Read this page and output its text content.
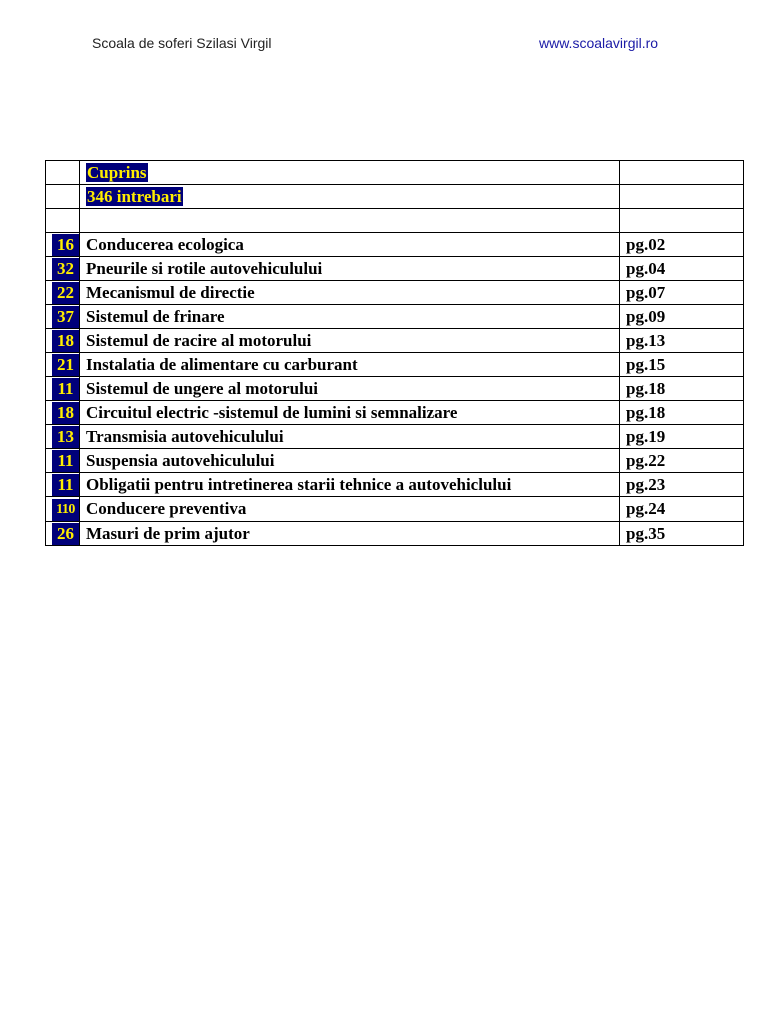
Scoala de soferi Szilasi Virgil	www.scoalavirgil.ro
	Cuprins	
	346 intrebari	

16	Conducerea ecologica	pg.02
32	Pneurile si rotile autovehiculului	pg.04
22	Mecanismul de directie	pg.07
37	Sistemul de frinare	pg.09
18	Sistemul de racire al motorului	pg.13
21	Instalatia de alimentare cu carburant	pg.15
11	Sistemul de ungere al motorului	pg.18
18	Circuitul electric -sistemul de lumini si semnalizare	pg.18
13	Transmisia autovehiculului	pg.19
11	Suspensia autovehiculului	pg.22
11	Obligatii pentru intretinerea starii tehnice a autovehiclului	pg.23
110	Conducere preventiva	pg.24
26	Masuri de prim ajutor	pg.35
